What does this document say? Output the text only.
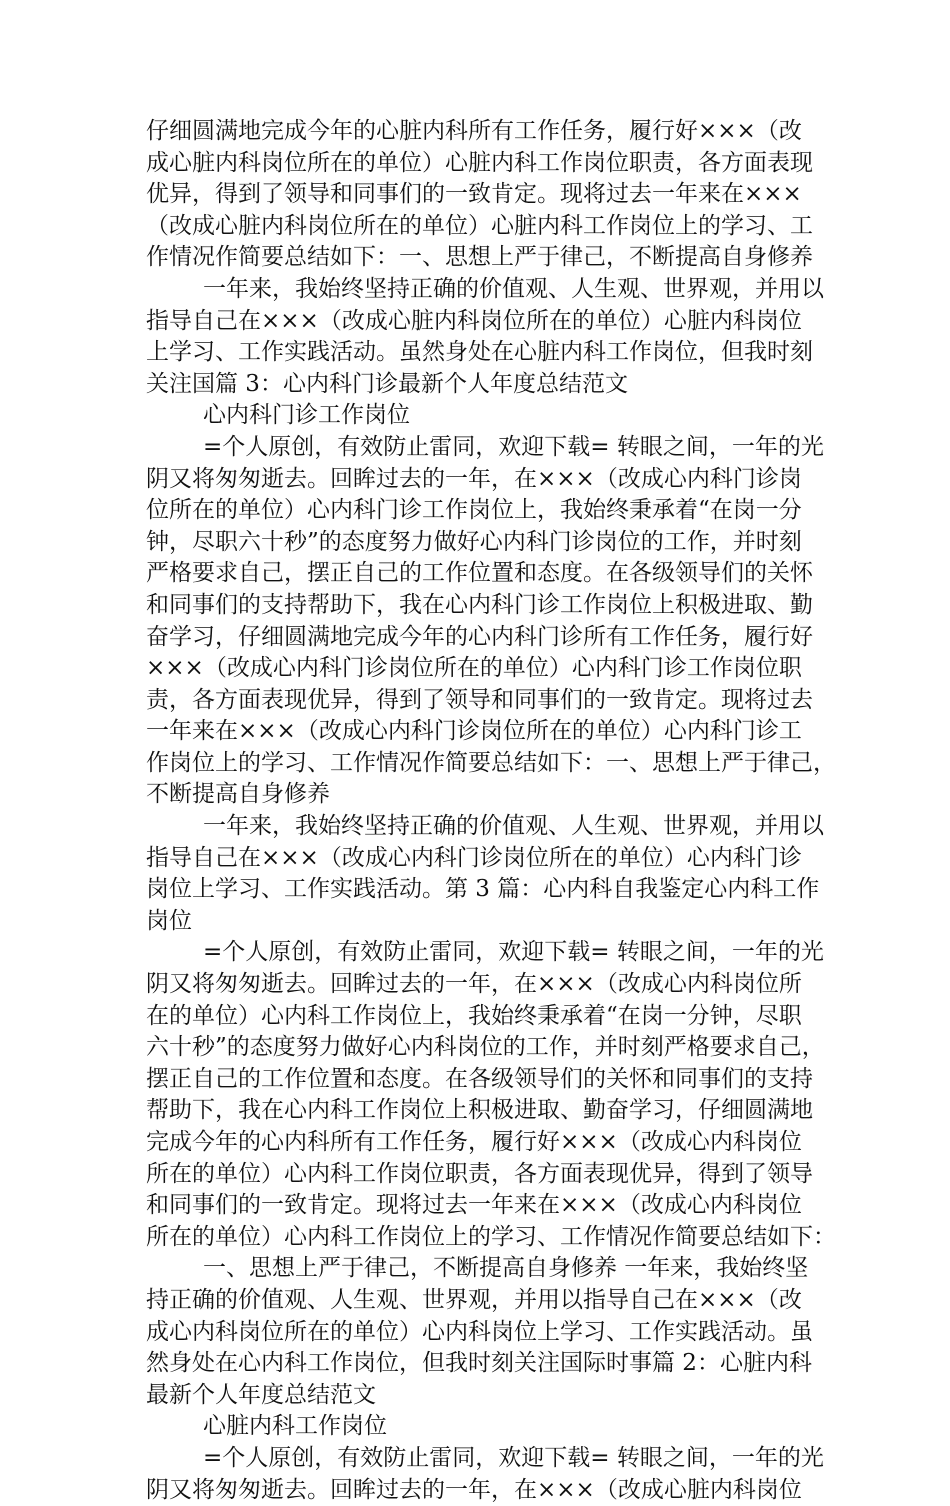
仔细圆满地完成今年的心脏内科所有工作任务，履行好×××（改
成心脏内科岗位所在的单位）心脏内科工作岗位职责，各方面表现
优异，得到了领导和同事们的一致肯定。现将过去一年来在×××
（改成心脏内科岗位所在的单位）心脏内科工作岗位上的学习、工
作情况作简要总结如下：一、思想上严于律己，不断提高自身修养
一年来，我始终坚持正确的价值观、人生观、世界观，并用以
指导自己在×××（改成心脏内科岗位所在的单位）心脏内科岗位
上学习、工作实践活动。虽然身处在心脏内科工作岗位，但我时刻
关注国篇 3：心内科门诊最新个人年度总结范文
心内科门诊工作岗位
=个人原创，有效防止雷同，欢迎下载= 转眼之间，一年的光
阴又将匆匆逝去。回眸过去的一年，在×××（改成心内科门诊岗
位所在的单位）心内科门诊工作岗位上，我始终秉承着“在岗一分
钟，尽职六十秒”的态度努力做好心内科门诊岗位的工作，并时刻
严格要求自己，摆正自己的工作位置和态度。在各级领导们的关怀
和同事们的支持帮助下，我在心内科门诊工作岗位上积极进取、勤
奋学习，仔细圆满地完成今年的心内科门诊所有工作任务，履行好
×××（改成心内科门诊岗位所在的单位）心内科门诊工作岗位职
责，各方面表现优异，得到了领导和同事们的一致肯定。现将过去
一年来在×××（改成心内科门诊岗位所在的单位）心内科门诊工
作岗位上的学习、工作情况作简要总结如下：一、思想上严于律己，
不断提高自身修养
一年来，我始终坚持正确的价值观、人生观、世界观，并用以
指导自己在×××（改成心内科门诊岗位所在的单位）心内科门诊
岗位上学习、工作实践活动。第 3 篇：心内科自我鉴定心内科工作
岗位
=个人原创，有效防止雷同，欢迎下载= 转眼之间，一年的光
阴又将匆匆逝去。回眸过去的一年，在×××（改成心内科岗位所
在的单位）心内科工作岗位上，我始终秉承着“在岗一分钟，尽职
六十秒”的态度努力做好心内科岗位的工作，并时刻严格要求自己，
摆正自己的工作位置和态度。在各级领导们的关怀和同事们的支持
帮助下，我在心内科工作岗位上积极进取、勤奋学习，仔细圆满地
完成今年的心内科所有工作任务，履行好×××（改成心内科岗位
所在的单位）心内科工作岗位职责，各方面表现优异，得到了领导
和同事们的一致肯定。现将过去一年来在×××（改成心内科岗位
所在的单位）心内科工作岗位上的学习、工作情况作简要总结如下：
一、思想上严于律己，不断提高自身修养 一年来，我始终坚
持正确的价值观、人生观、世界观，并用以指导自己在×××（改
成心内科岗位所在的单位）心内科岗位上学习、工作实践活动。虽
然身处在心内科工作岗位，但我时刻关注国际时事篇 2：心脏内科
最新个人年度总结范文
心脏内科工作岗位
=个人原创，有效防止雷同，欢迎下载= 转眼之间，一年的光
阴又将匆匆逝去。回眸过去的一年，在×××（改成心脏内科岗位
